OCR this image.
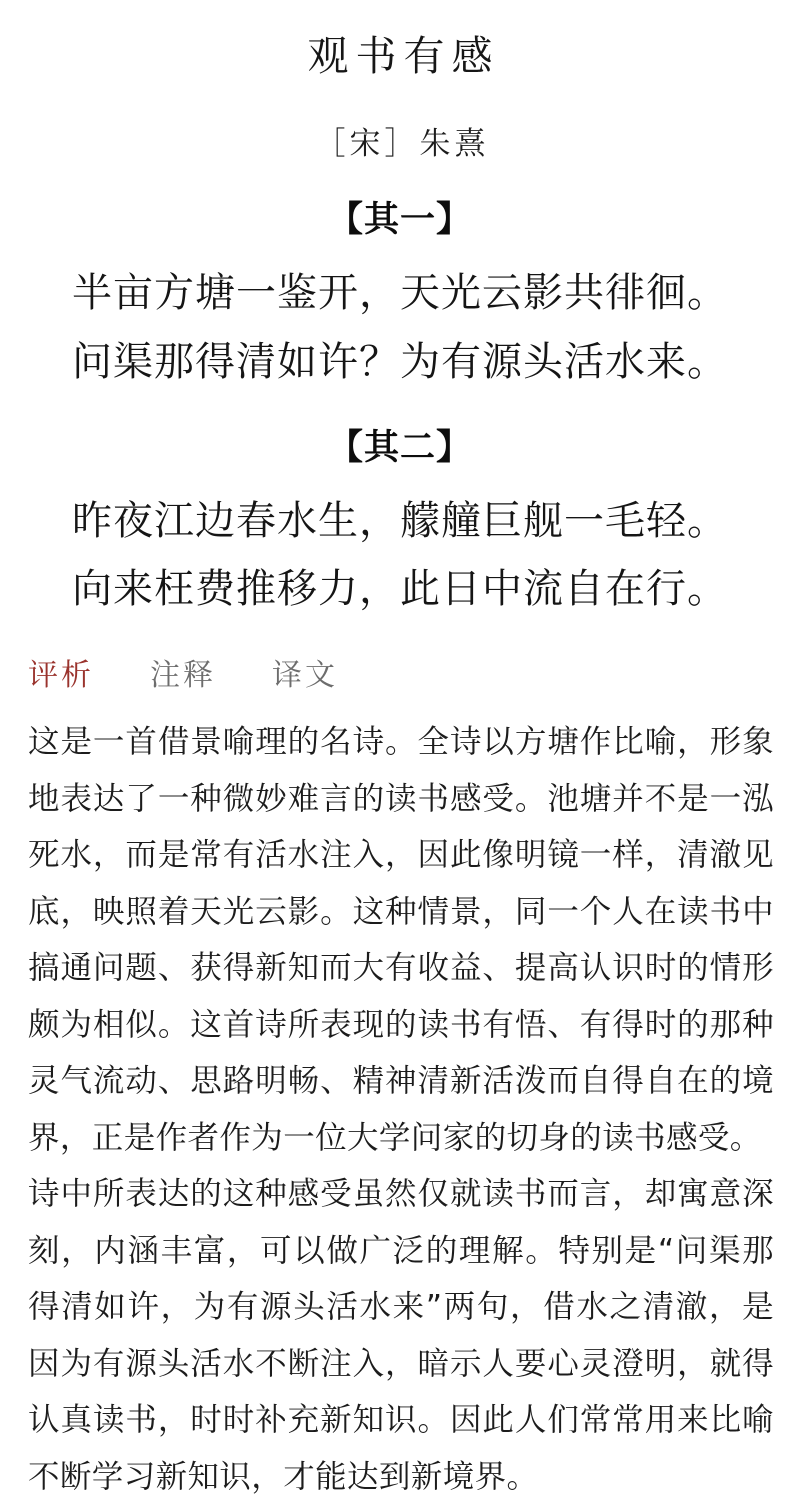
观书有感
［宋］朱熹
【其一】
半亩方塘一鉴开，天光云影共徘徊。
问渠那得清如许？为有源头活水来。
【其二】
昨夜江边春水生，艨艟巨舰一毛轻。
向来枉费推移力，此日中流自在行。
评析 注释 译文

这是一首借景喻理的名诗。全诗以方塘作比喻，形象地表达了一种微妙难言的读书感受。池塘并不是一泓死水，而是常有活水注入，因此像明镜一样，清澈见底，映照着天光云影。这种情景，同一个人在读书中搞通问题、获得新知而大有收益、提高认识时的情形颇为相似。这首诗所表现的读书有悟、有得时的那种灵气流动、思路明畅、精神清新活泼而自得自在的境界，正是作者作为一位大学问家的切身的读书感受。

诗中所表达的这种感受虽然仅就读书而言，却寓意深刻，内涵丰富，可以做广泛的理解。特别是“问渠那得清如许，为有源头活水来”两句，借水之清澈，是因为有源头活水不断注入，暗示人要心灵澄明，就得认真读书，时时补充新知识。因此人们常常用来比喻不断学习新知识，才能达到新境界。
